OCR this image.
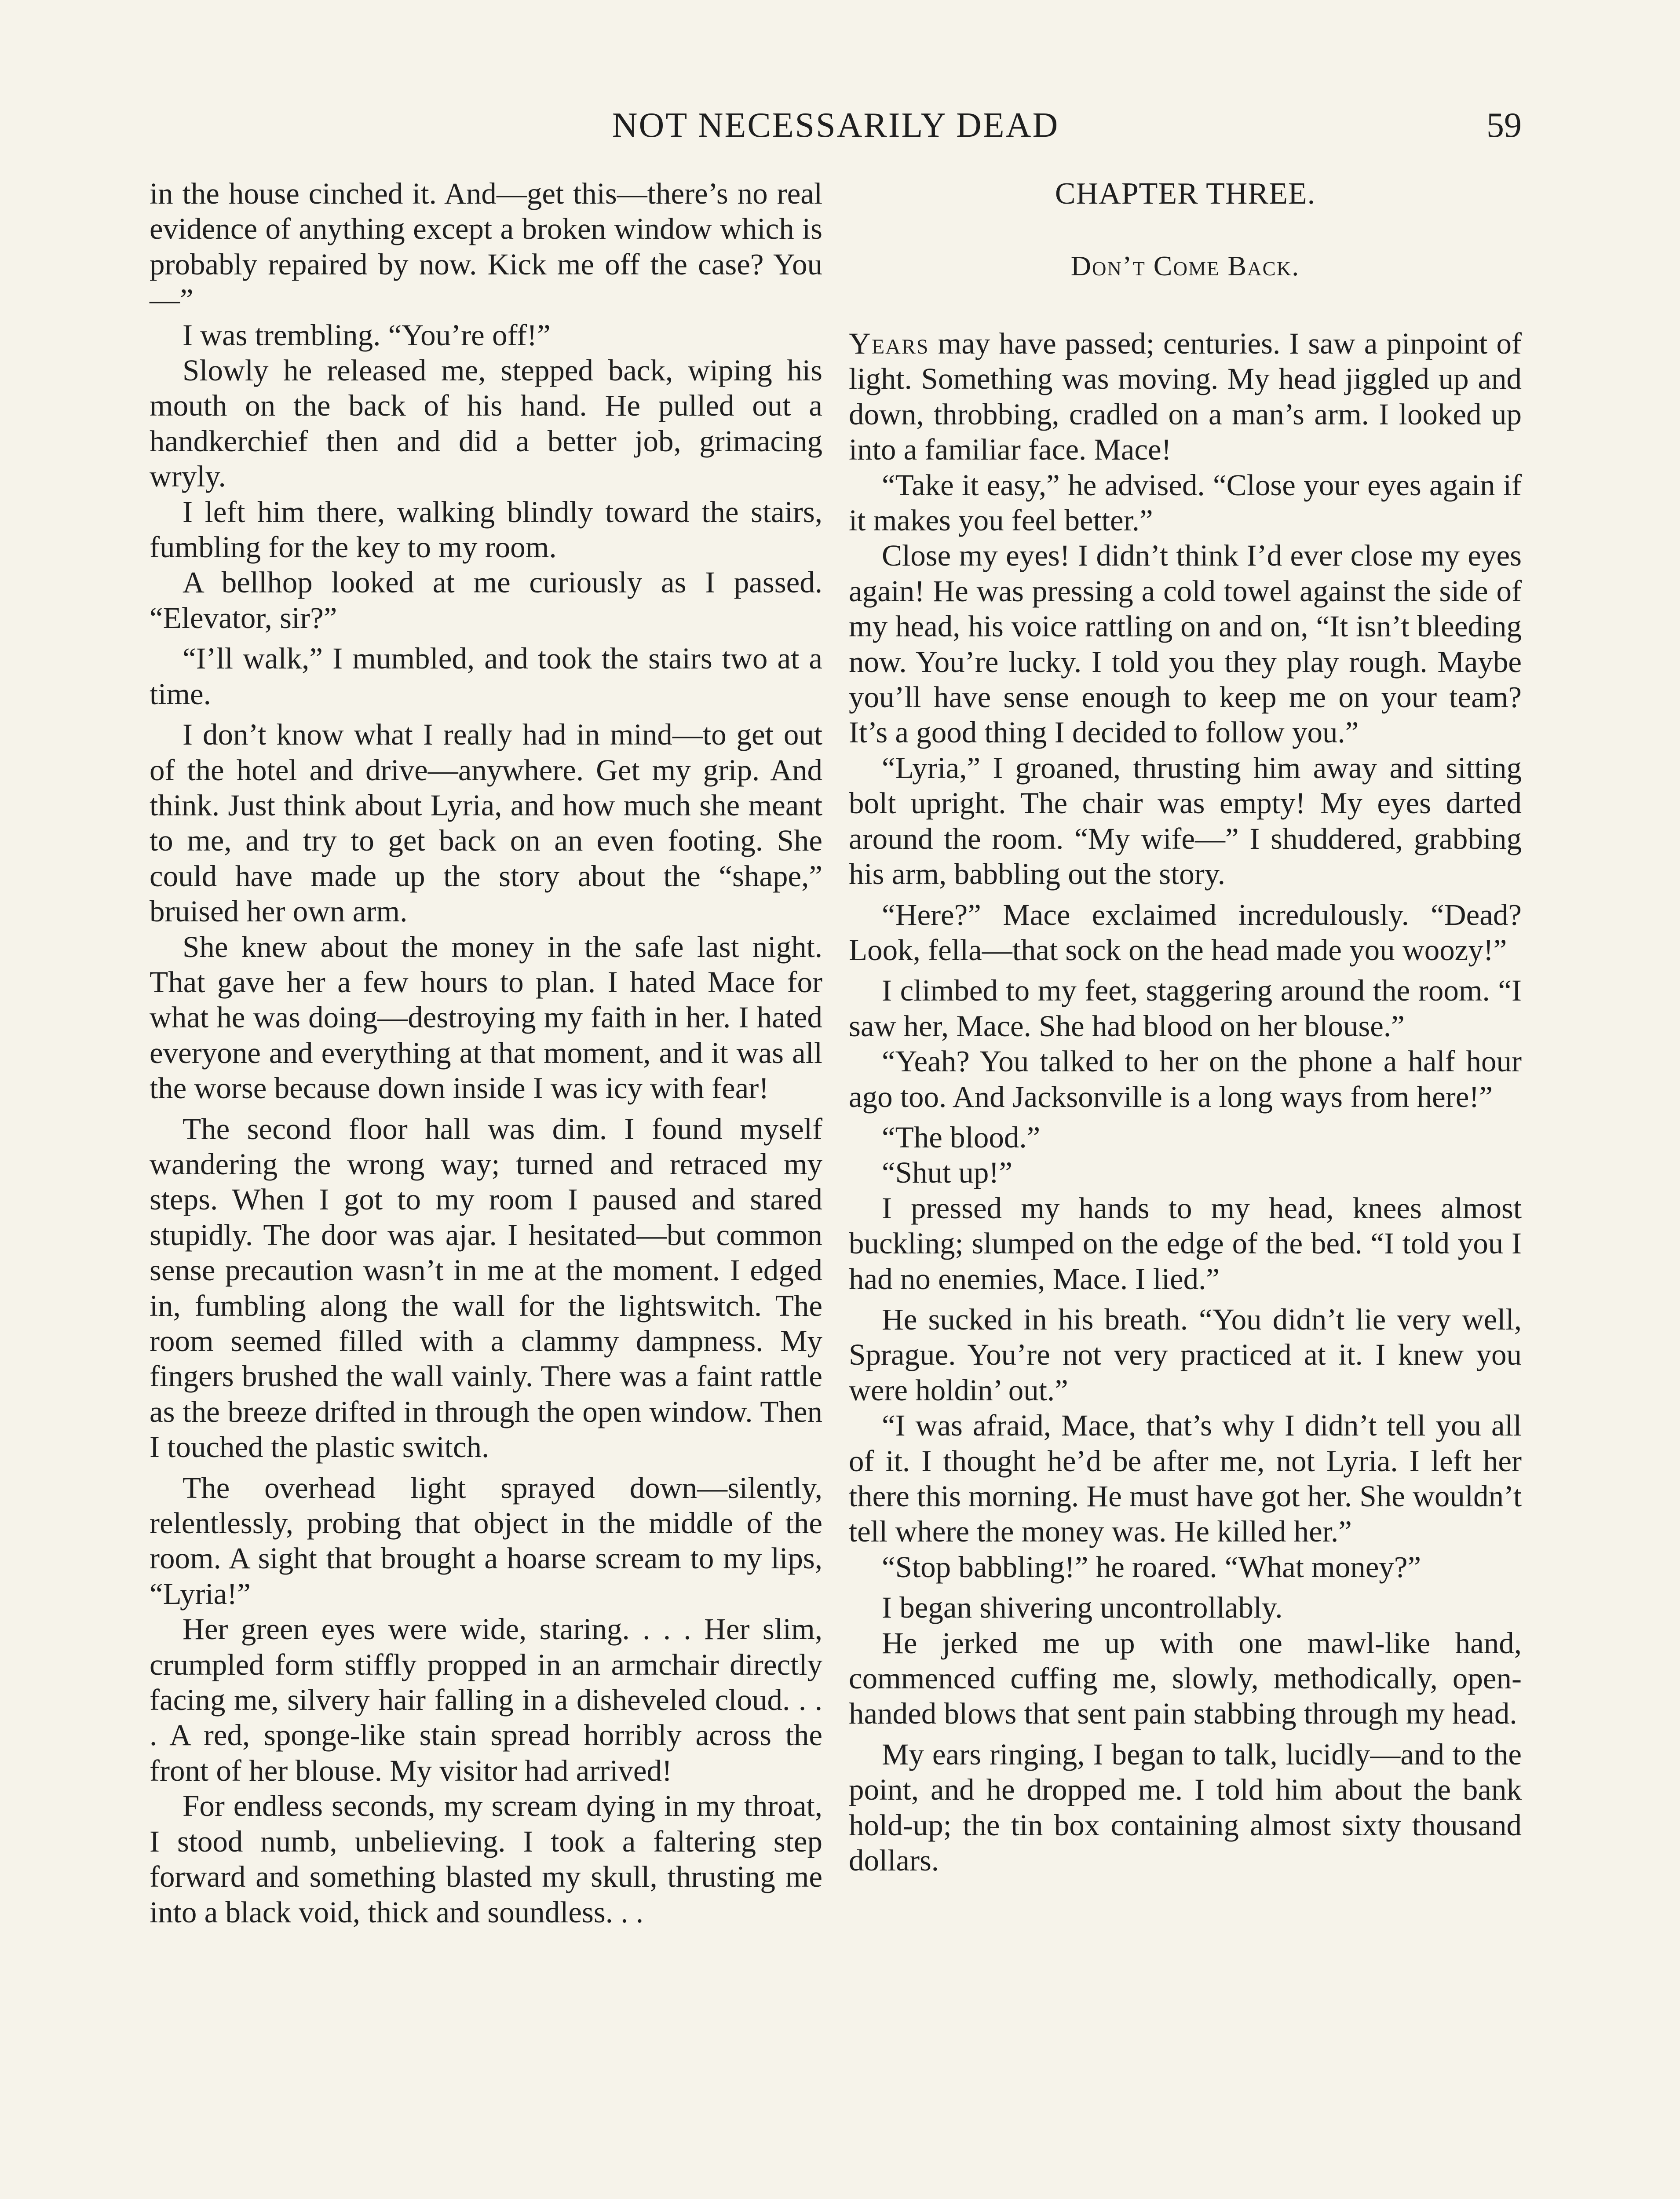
NOT NECESSARILY DEAD	59

in the house cinched it. And—get this—there’s no real evidence of anything except a broken window which is probably repaired by now. Kick me off the case? You—”

I was trembling. “You’re off!”

Slowly he released me, stepped back, wiping his mouth on the back of his hand. He pulled out a handkerchief then and did a better job, grimacing wryly.

I left him there, walking blindly toward the stairs, fumbling for the key to my room.

A bellhop looked at me curiously as I passed. “Elevator, sir?”

“I’ll walk,” I mumbled, and took the stairs two at a time.

I don’t know what I really had in mind—to get out of the hotel and drive—anywhere. Get my grip. And think. Just think about Lyria, and how much she meant to me, and try to get back on an even footing. She could have made up the story about the “shape,” bruised her own arm.

She knew about the money in the safe last night. That gave her a few hours to plan. I hated Mace for what he was doing—destroying my faith in her. I hated everyone and everything at that moment, and it was all the worse because down inside I was icy with fear!

The second floor hall was dim. I found myself wandering the wrong way; turned and retraced my steps. When I got to my room I paused and stared stupidly. The door was ajar. I hesitated—but common sense precaution wasn’t in me at the moment. I edged in, fumbling along the wall for the lightswitch. The room seemed filled with a clammy dampness. My fingers brushed the wall vainly. There was a faint rattle as the breeze drifted in through the open window. Then I touched the plastic switch.

The overhead light sprayed down—silently, relentlessly, probing that object in the middle of the room. A sight that brought a hoarse scream to my lips, “Lyria!”

Her green eyes were wide, staring. . . . Her slim, crumpled form stiffly propped in an armchair directly facing me, silvery hair falling in a disheveled cloud. . . . A red, sponge-like stain spread horribly across the front of her blouse. My visitor had arrived!

For endless seconds, my scream dying in my throat, I stood numb, unbelieving. I took a faltering step forward and something blasted my skull, thrusting me into a black void, thick and soundless. . .

CHAPTER THREE.
Don’t Come Back.

Years may have passed; centuries. I saw a pinpoint of light. Something was moving. My head jiggled up and down, throbbing, cradled on a man’s arm. I looked up into a familiar face. Mace!

“Take it easy,” he advised. “Close your eyes again if it makes you feel better.”

Close my eyes! I didn’t think I’d ever close my eyes again! He was pressing a cold towel against the side of my head, his voice rattling on and on, “It isn’t bleeding now. You’re lucky. I told you they play rough. Maybe you’ll have sense enough to keep me on your team? It’s a good thing I decided to follow you.”

“Lyria,” I groaned, thrusting him away and sitting bolt upright. The chair was empty! My eyes darted around the room. “My wife—” I shuddered, grabbing his arm, babbling out the story.

“Here?” Mace exclaimed incredulously. “Dead? Look, fella—that sock on the head made you woozy!”

I climbed to my feet, staggering around the room. “I saw her, Mace. She had blood on her blouse.”

“Yeah? You talked to her on the phone a half hour ago too. And Jacksonville is a long ways from here!”

“The blood.”

“Shut up!”

I pressed my hands to my head, knees almost buckling; slumped on the edge of the bed. “I told you I had no enemies, Mace. I lied.”

He sucked in his breath. “You didn’t lie very well, Sprague. You’re not very practiced at it. I knew you were holdin’ out.”

“I was afraid, Mace, that’s why I didn’t tell you all of it. I thought he’d be after me, not Lyria. I left her there this morning. He must have got her. She wouldn’t tell where the money was. He killed her.”

“Stop babbling!” he roared. “What money?”

I began shivering uncontrollably.

He jerked me up with one mawl-like hand, commenced cuffing me, slowly, methodically, open-handed blows that sent pain stabbing through my head.

My ears ringing, I began to talk, lucidly—and to the point, and he dropped me. I told him about the bank hold-up; the tin box containing almost sixty thousand dollars.
